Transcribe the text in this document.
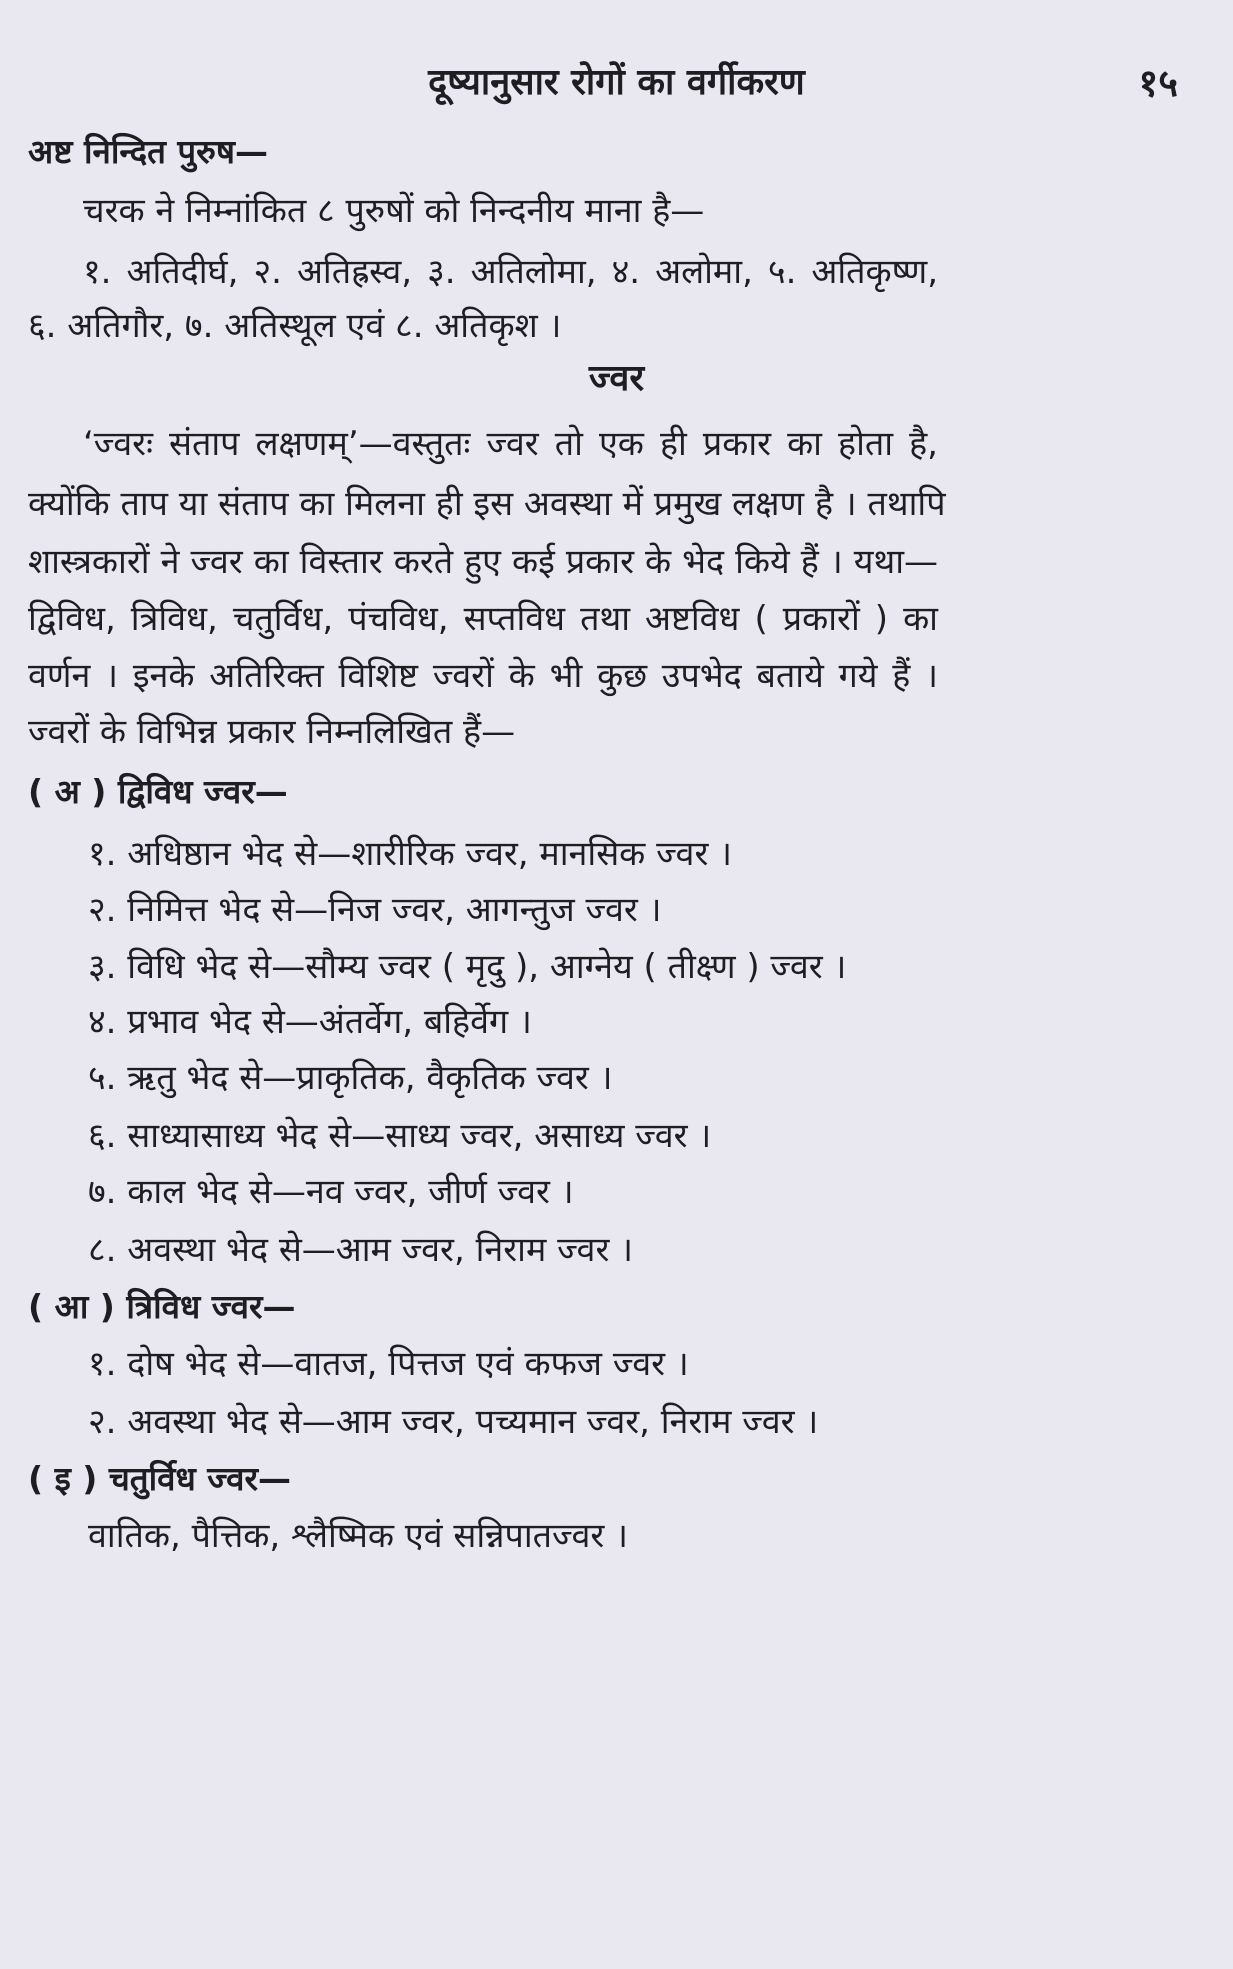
दूष्यानुसार रोगों का वर्गीकरण	१५

अष्ट निन्दित पुरुष—

चरक ने निम्नांकित ८ पुरुषों को निन्दनीय माना है—

१. अतिदीर्घ, २. अतिह्रस्व, ३. अतिलोमा, ४. अलोमा, ५. अतिकृष्ण,

६. अतिगौर, ७. अतिस्थूल एवं ८. अतिकृश ।

ज्वर

‘ज्वरः संताप लक्षणम्’—वस्तुतः ज्वर तो एक ही प्रकार का होता है,

क्योंकि ताप या संताप का मिलना ही इस अवस्था में प्रमुख लक्षण है । तथापि

शास्त्रकारों ने ज्वर का विस्तार करते हुए कई प्रकार के भेद किये हैं । यथा—

द्विविध, त्रिविध, चतुर्विध, पंचविध, सप्तविध तथा अष्टविध ( प्रकारों ) का

वर्णन । इनके अतिरिक्त विशिष्ट ज्वरों के भी कुछ उपभेद बताये गये हैं ।

ज्वरों के विभिन्न प्रकार निम्नलिखित हैं—

( अ ) द्विविध ज्वर—

१. अधिष्ठान भेद से—शारीरिक ज्वर, मानसिक ज्वर ।

२. निमित्त भेद से—निज ज्वर, आगन्तुज ज्वर ।

३. विधि भेद से—सौम्य ज्वर ( मृदु ), आग्नेय ( तीक्ष्ण ) ज्वर ।

४. प्रभाव भेद से—अंतर्वेग, बहिर्वेग ।

५. ऋतु भेद से—प्राकृतिक, वैकृतिक ज्वर ।

६. साध्यासाध्य भेद से—साध्य ज्वर, असाध्य ज्वर ।

७. काल भेद से—नव ज्वर, जीर्ण ज्वर ।

८. अवस्था भेद से—आम ज्वर, निराम ज्वर ।

( आ ) त्रिविध ज्वर—

१. दोष भेद से—वातज, पित्तज एवं कफज ज्वर ।

२. अवस्था भेद से—आम ज्वर, पच्यमान ज्वर, निराम ज्वर ।

( इ ) चतुर्विध ज्वर—

वातिक, पैत्तिक, श्लैष्मिक एवं सन्निपातज्वर ।
